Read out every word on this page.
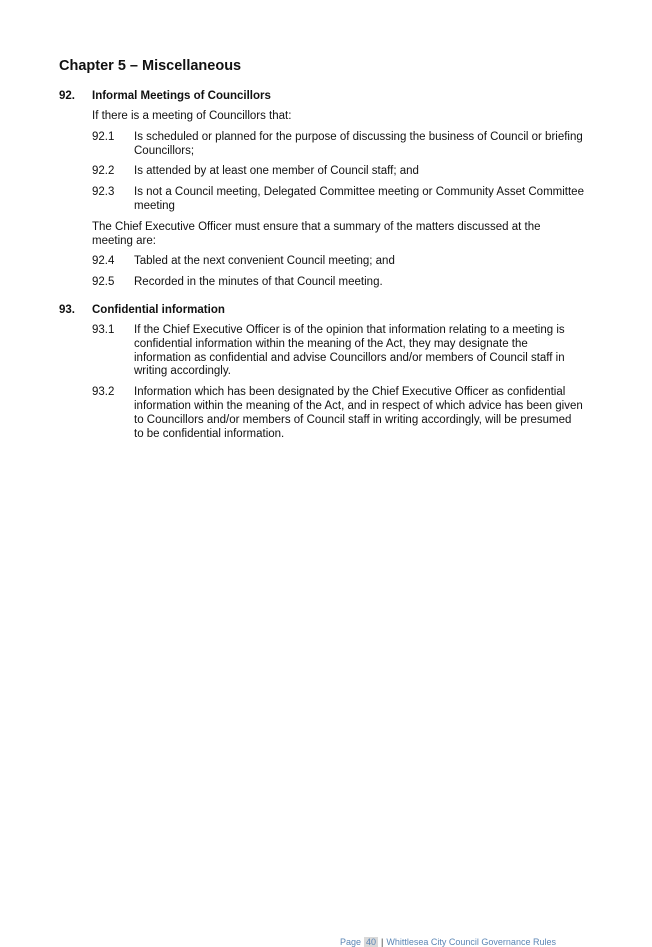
Chapter 5 – Miscellaneous
92.	Informal Meetings of Councillors

If there is a meeting of Councillors that:

92.1	Is scheduled or planned for the purpose of discussing the business of Council or briefing Councillors;
92.2	Is attended by at least one member of Council staff; and
92.3	Is not a Council meeting, Delegated Committee meeting or Community Asset Committee meeting

The Chief Executive Officer must ensure that a summary of the matters discussed at the meeting are:

92.4	Tabled at the next convenient Council meeting; and
92.5	Recorded in the minutes of that Council meeting.
93.	Confidential information
93.1	If the Chief Executive Officer is of the opinion that information relating to a meeting is confidential information within the meaning of the Act, they may designate the information as confidential and advise Councillors and/or members of Council staff in writing accordingly.
93.2	Information which has been designated by the Chief Executive Officer as confidential information within the meaning of the Act, and in respect of which advice has been given to Councillors and/or members of Council staff in writing accordingly, will be presumed to be confidential information.
Page 40 | Whittlesea City Council Governance Rules
